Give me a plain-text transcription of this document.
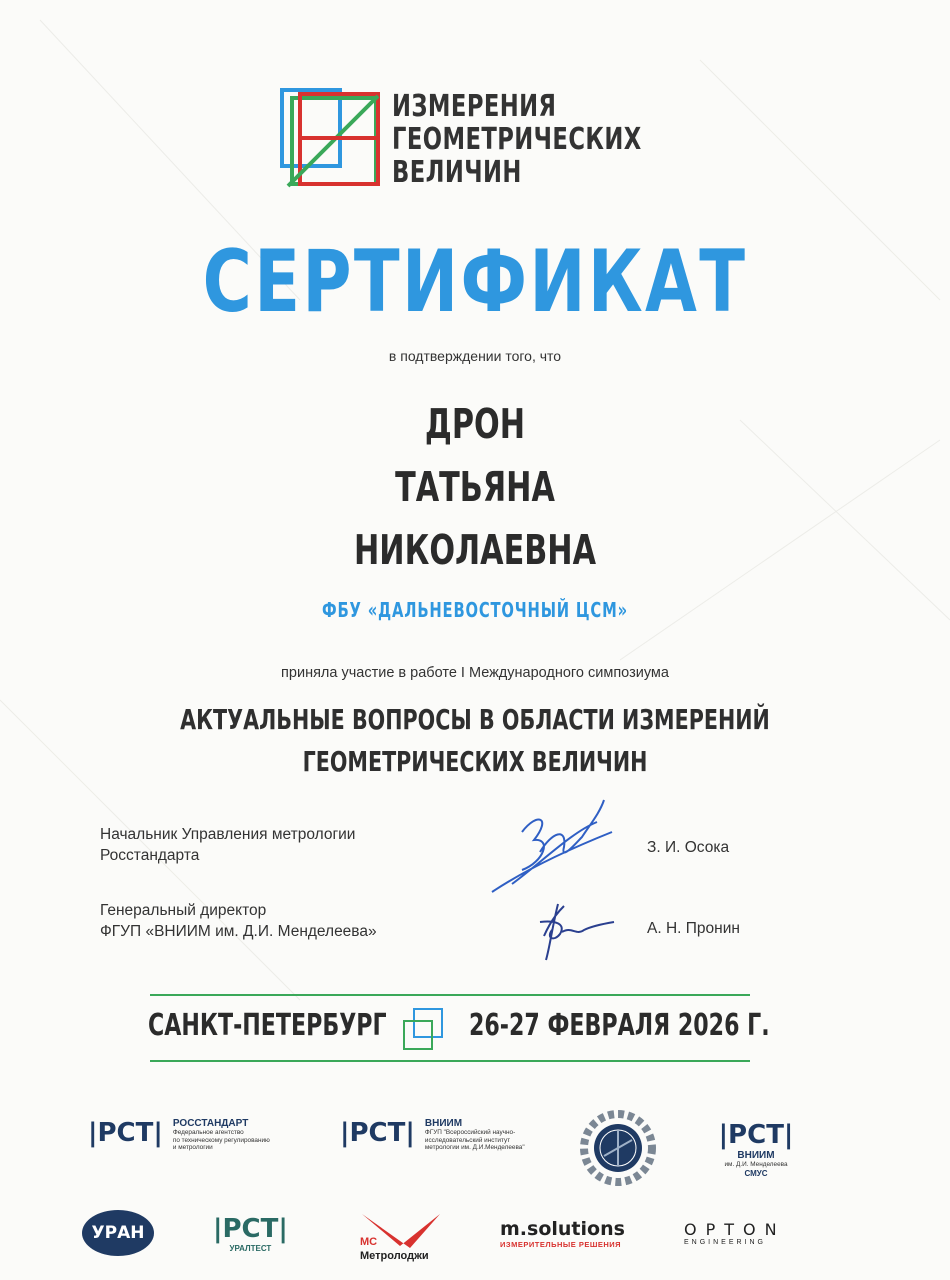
ИЗМЕРЕНИЯ
ГЕОМЕТРИЧЕСКИХ
ВЕЛИЧИН
СЕРТИФИКАТ
в подтверждении того, что
ДРОН
ТАТЬЯНА
НИКОЛАЕВНА
ФБУ «ДАЛЬНЕВОСТОЧНЫЙ ЦСМ»
приняла участие в работе I Международного симпозиума
АКТУАЛЬНЫЕ ВОПРОСЫ В ОБЛАСТИ ИЗМЕРЕНИЙ
ГЕОМЕТРИЧЕСКИХ ВЕЛИЧИН
Начальник Управления метрологии
Росстандарта	З. И. Осока
Генеральный директор
ФГУП «ВНИИМ им. Д.И. Менделеева»	А. Н. Пронин
САНКТ-ПЕТЕРБУРГ	26-27 ФЕВРАЛЯ 2026 Г.
|РСТ| РОССТАНДАРТ
Федеральное агентство
по техническому регулированию
и метрологии	|РСТ| ВНИИМ
ФГУП "Всероссийский научно-
исследовательский институт
метрологии им. Д.И.Менделеева"	|РСТ|
ВНИИМ
им. Д.И. Менделеева
СМУС
УРАН	|РСТ|
УРАЛТЕСТ
МС
Метролоджи
m.solutions
ИЗМЕРИТЕЛЬНЫЕ РЕШЕНИЯ
OPTON
ENGINEERING
